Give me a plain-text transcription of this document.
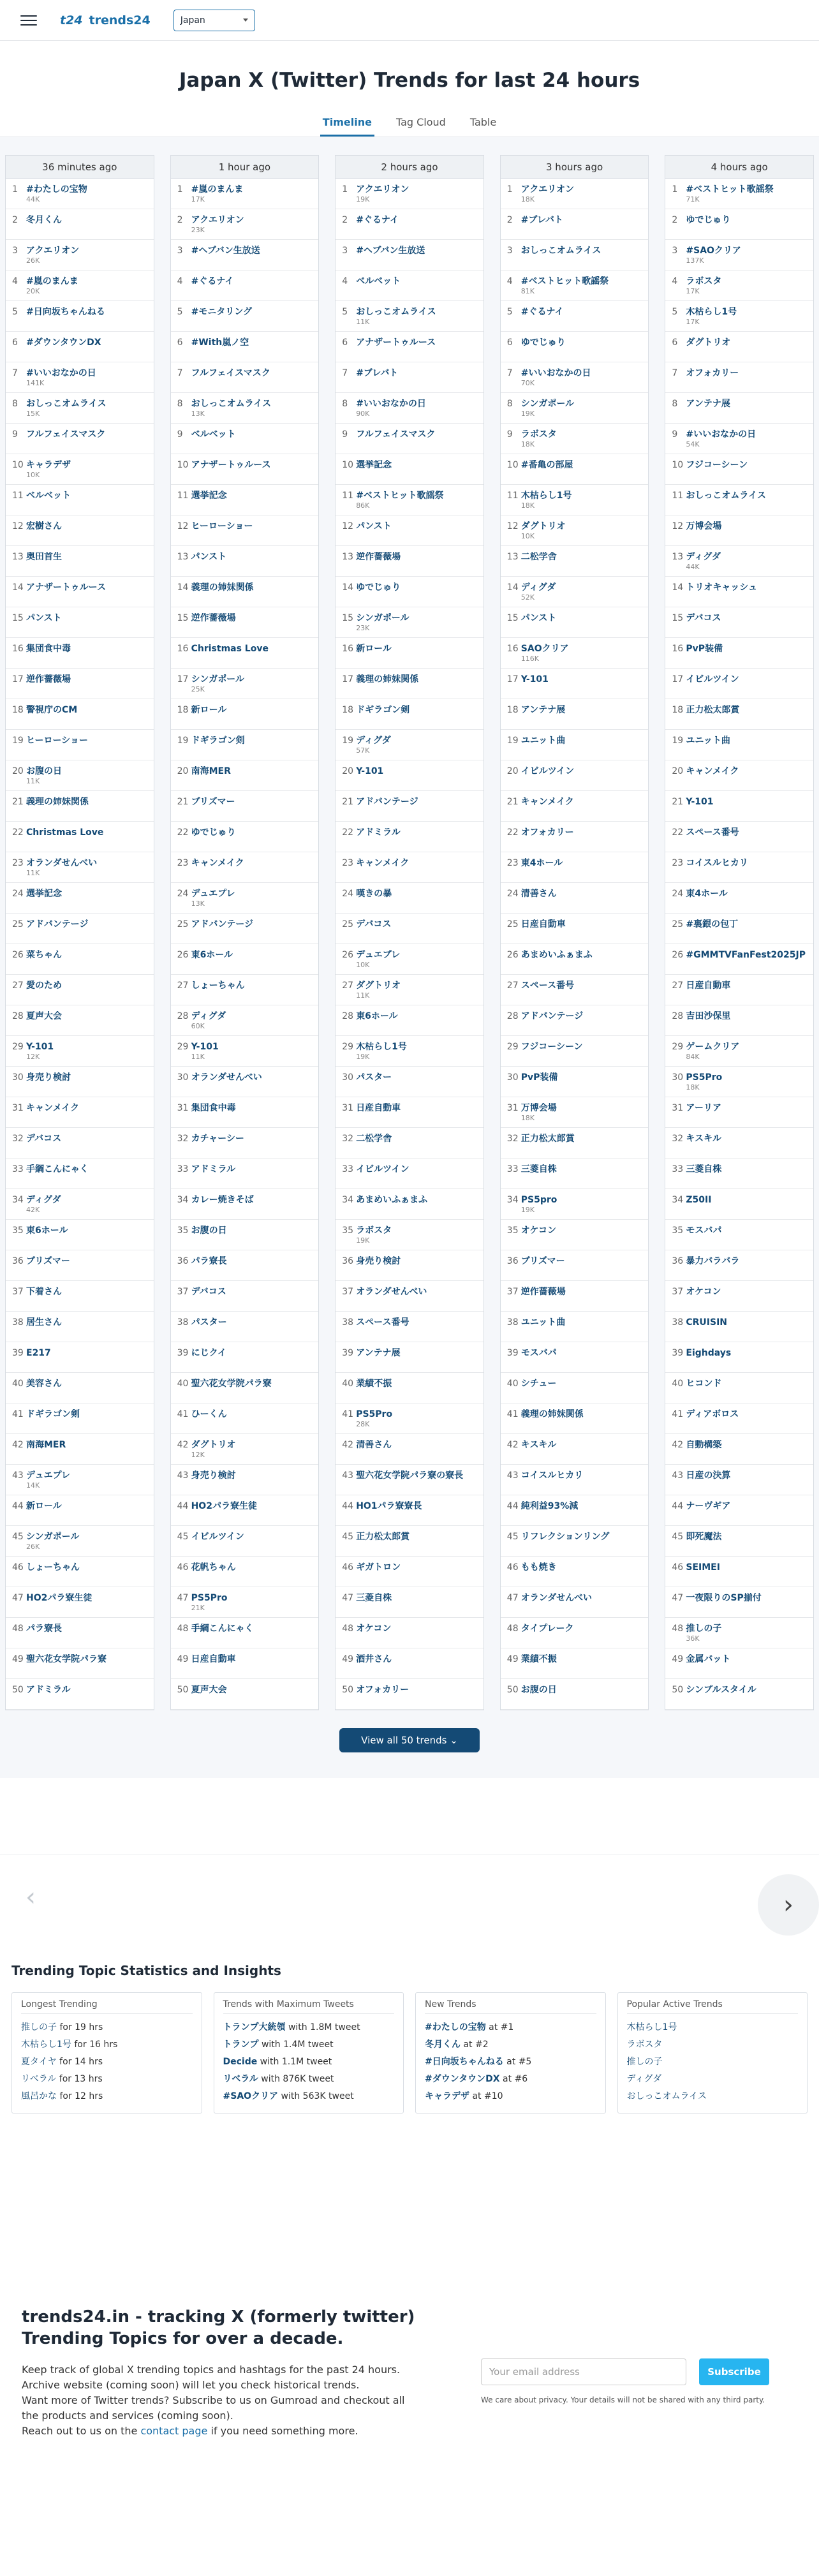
t24 trends24	Japan
Japan X (Twitter) Trends for last 24 hours
Timeline Tag Cloud Table
36 minutes ago
1 #わたしの宝物
44K
2 冬月くん
3 アクエリオン
26K
4 #嵐のまんま
20K
5 #日向坂ちゃんねる
6 #ダウンタウンDX
7 #いいおなかの日
141K
8 おしっこオムライス
15K
9 フルフェイスマスク
10 キャラデザ
10K
11 ベルベット
12 宏樹さん
13 奥田首生
14 アナザートゥルース
15 パンスト
16 集団食中毒
17 逆作薔薇場
18 警視庁のCM
19 ヒーローショー
20 お腹の日
11K
21 義理の姉妹関係
22 Christmas Love
23 オランダせんべい
11K
24 選挙記念
25 アドバンテージ
26 菜ちゃん
27 愛のため
28 夏声大会
29 Y-101
12K
30 身売り検討
31 キャンメイク
32 デバコス
33 手綱こんにゃく
34 ディグダ
42K
35 東6ホール
36 ブリズマー
37 下着さん
38 居生さん
39 E217
40 美容さん
41 ドギラゴン剣
42 南海MER
43 デュエプレ
14K
44 新ロール
45 シンガポール
26K
46 しょーちゃん
47 HO2パラ寮生徒
48 パラ寮長
49 聖六花女学院パラ寮
50 アドミラル
1 hour ago
1 #嵐のまんま
17K
2 アクエリオン
23K
3 #ヘブバン生放送
4 #ぐるナイ
5 #モニタリング
6 #With嵐ノ空
7 フルフェイスマスク
8 おしっこオムライス
13K
9 ベルベット
10 アナザートゥルース
11 選挙記念
12 ヒーローショー
13 パンスト
14 義理の姉妹関係
15 逆作薔薇場
16 Christmas Love
17 シンガポール
25K
18 新ロール
19 ドギラゴン剣
20 南海MER
21 ブリズマー
22 ゆでじゅり
23 キャンメイク
24 デュエプレ
13K
25 アドバンテージ
26 東6ホール
27 しょーちゃん
28 ディグダ
60K
29 Y-101
11K
30 オランダせんべい
31 集団食中毒
32 カチャーシー
33 アドミラル
34 カレー焼きそば
35 お腹の日
36 パラ寮長
37 デバコス
38 パスター
39 にじクイ
40 聖六花女学院パラ寮
41 ひーくん
42 ダグトリオ
12K
43 身売り検討
44 HO2パラ寮生徒
45 イビルツイン
46 花帆ちゃん
47 PS5Pro
21K
48 手綱こんにゃく
49 日産自動車
50 夏声大会
2 hours ago
1 アクエリオン
19K
2 #ぐるナイ
3 #ヘブバン生放送
4 ベルベット
5 おしっこオムライス
11K
6 アナザートゥルース
7 #ブレバト
8 #いいおなかの日
90K
9 フルフェイスマスク
10 選挙記念
11 #ベストヒット歌謡祭
86K
12 パンスト
13 逆作薔薇場
14 ゆでじゅり
15 シンガポール
23K
16 新ロール
17 義理の姉妹関係
18 ドギラゴン剣
19 ディグダ
57K
20 Y-101
21 アドバンテージ
22 アドミラル
23 キャンメイク
24 嘆きの暴
25 デバコス
26 デュエプレ
10K
27 ダグトリオ
11K
28 東6ホール
29 木枯らし1号
19K
30 パスター
31 日産自動車
32 二松学舎
33 イビルツイン
34 あまめいふぁまふ
35 ラボスタ
19K
36 身売り検討
37 オランダせんべい
38 スペース番号
39 アンテナ展
40 業績不振
41 PS5Pro
28K
42 清善さん
43 聖六花女学院パラ寮の寮長
44 HO1パラ寮寮長
45 正力松太郎賞
46 ギガトロン
47 三菱自株
48 オケコン
49 酒井さん
50 オフォカリー
3 hours ago
1 アクエリオン
18K
2 #ブレバト
3 おしっこオムライス
4 #ベストヒット歌謡祭
81K
5 #ぐるナイ
6 ゆでじゅり
7 #いいおなかの日
70K
8 シンガポール
19K
9 ラボスタ
18K
10 #番亀の部屋
11 木枯らし1号
18K
12 ダグトリオ
10K
13 二松学舎
14 ディグダ
52K
15 パンスト
16 SAOクリア
116K
17 Y-101
18 アンテナ展
19 ユニット曲
20 イビルツイン
21 キャンメイク
22 オフォカリー
23 東4ホール
24 清善さん
25 日産自動車
26 あまめいふぁまふ
27 スペース番号
28 アドバンテージ
29 フジコーシーン
30 PvP装備
31 万博会場
18K
32 正力松太郎賞
33 三菱自株
34 PS5pro
19K
35 オケコン
36 ブリズマー
37 逆作薔薇場
38 ユニット曲
39 モスバパ
40 シチュー
41 義理の姉妹関係
42 キスキル
43 コイスルヒカリ
44 純利益93%減
45 リフレクションリング
46 もも焼き
47 オランダせんべい
48 タイプレーク
49 業績不振
50 お腹の日
4 hours ago
1 #ベストヒット歌謡祭
71K
2 ゆでじゅり
3 #SAOクリア
137K
4 ラボスタ
17K
5 木枯らし1号
17K
6 ダグトリオ
7 オフォカリー
8 アンテナ展
9 #いいおなかの日
54K
10 フジコーシーン
11 おしっこオムライス
12 万博会場
13 ディグダ
44K
14 トリオキャッシュ
15 デバコス
16 PvP装備
17 イビルツイン
18 正力松太郎賞
19 ユニット曲
20 キャンメイク
21 Y-101
22 スペース番号
23 コイスルヒカリ
24 東4ホール
25 #裏銀の包丁
26 #GMMTVFanFest2025JP
27 日産自動車
28 吉田沙保里
29 ゲームクリア
84K
30 PS5Pro
18K
31 アーリア
32 キスキル
33 三菱自株
34 Z50II
35 モスバパ
36 暴力バラバラ
37 オケコン
38 CRUISIN
39 Eighdays
40 ヒコンド
41 ディアボロス
42 自動構築
43 日産の決算
44 ナーヴギア
45 即死魔法
46 SEIMEI
47 一夜限りのSP揃付
48 推しの子
36K
49 金属バット
50 シンプルスタイル
View all 50 trends ⌄
‹	›
Trending Topic Statistics and Insights
Longest Trending
推しの子 for 19 hrs
木枯らし1号 for 16 hrs
夏タイヤ for 14 hrs
リベラル for 13 hrs
風呂かな for 12 hrs
Trends with Maximum Tweets
トランプ大統領 with 1.8M tweet
トランプ with 1.4M tweet
Decide with 1.1M tweet
リベラル with 876K tweet
#SAOクリア with 563K tweet
New Trends
#わたしの宝物 at #1
冬月くん at #2
#日向坂ちゃんねる at #5
#ダウンタウンDX at #6
キャラデザ at #10
Popular Active Trends
木枯らし1号
ラボスタ
推しの子
ディグダ
おしっこオムライス
trends24.in - tracking X (formerly twitter) Trending Topics for over a decade.

Keep track of global X trending topics and hashtags for the past 24 hours.
Archive website (coming soon) will let you check historical trends.
Want more of Twitter trends? Subscribe to us on Gumroad and checkout all the products and services (coming soon).
Reach out to us on the contact page if you need something more.

Your email address
Subscribe
We care about privacy. Your details will not be shared with any third party.
